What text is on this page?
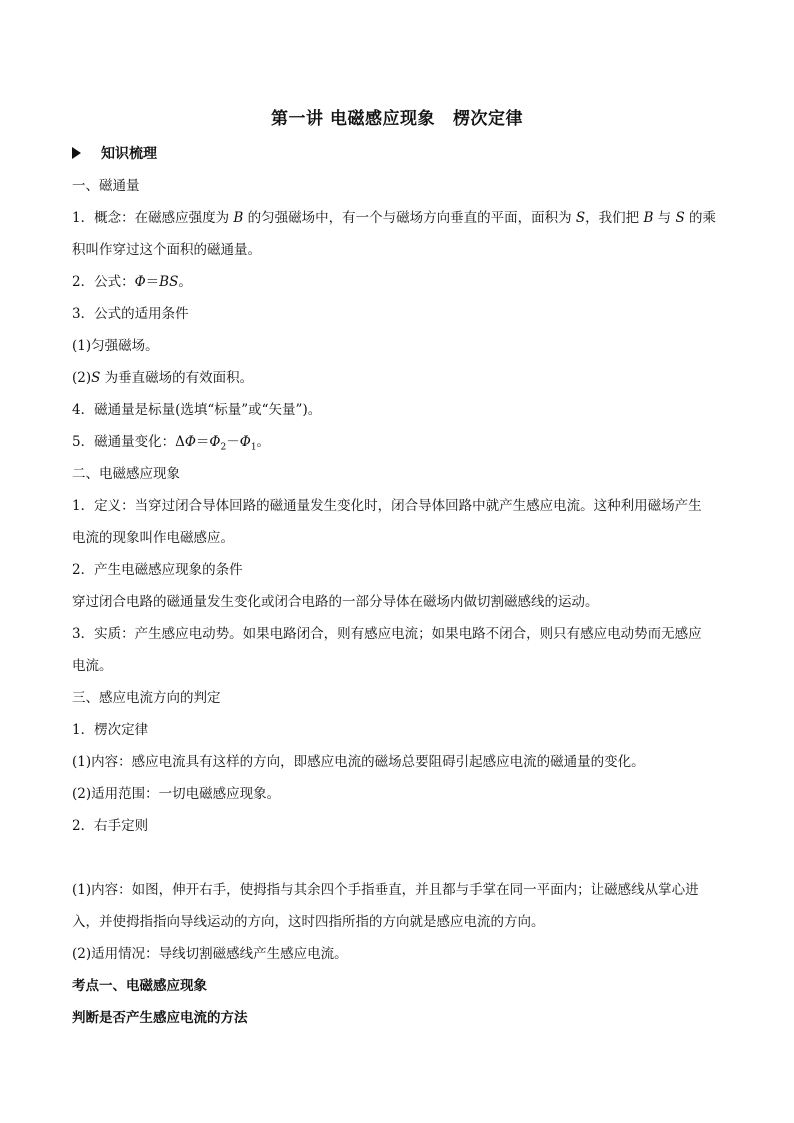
第一讲 电磁感应现象 楞次定律
知识梳理
一、磁通量
1．概念：在磁感应强度为 B 的匀强磁场中，有一个与磁场方向垂直的平面，面积为 S，我们把 B 与 S 的乘
积叫作穿过这个面积的磁通量。
2．公式：Φ＝BS。
3．公式的适用条件
(1)匀强磁场。
(2)S 为垂直磁场的有效面积。
4．磁通量是标量(选填“标量”或“矢量”)。
5．磁通量变化：$\Delta\Phi=\Phi_2-\Phi_1$。
二、电磁感应现象
1．定义：当穿过闭合导体回路的磁通量发生变化时，闭合导体回路中就产生感应电流。这种利用磁场产生
电流的现象叫作电磁感应。
2．产生电磁感应现象的条件
穿过闭合电路的磁通量发生变化或闭合电路的一部分导体在磁场内做切割磁感线的运动。
3．实质：产生感应电动势。如果电路闭合，则有感应电流；如果电路不闭合，则只有感应电动势而无感应
电流。
三、感应电流方向的判定
1．楞次定律
(1)内容：感应电流具有这样的方向，即感应电流的磁场总要阻碍引起感应电流的磁通量的变化。
(2)适用范围：一切电磁感应现象。
2．右手定则
(1)内容：如图，伸开右手，使拇指与其余四个手指垂直，并且都与手掌在同一平面内；让磁感线从掌心进
入，并使拇指指向导线运动的方向，这时四指所指的方向就是感应电流的方向。
(2)适用情况：导线切割磁感线产生感应电流。
考点一、电磁感应现象
判断是否产生感应电流的方法
